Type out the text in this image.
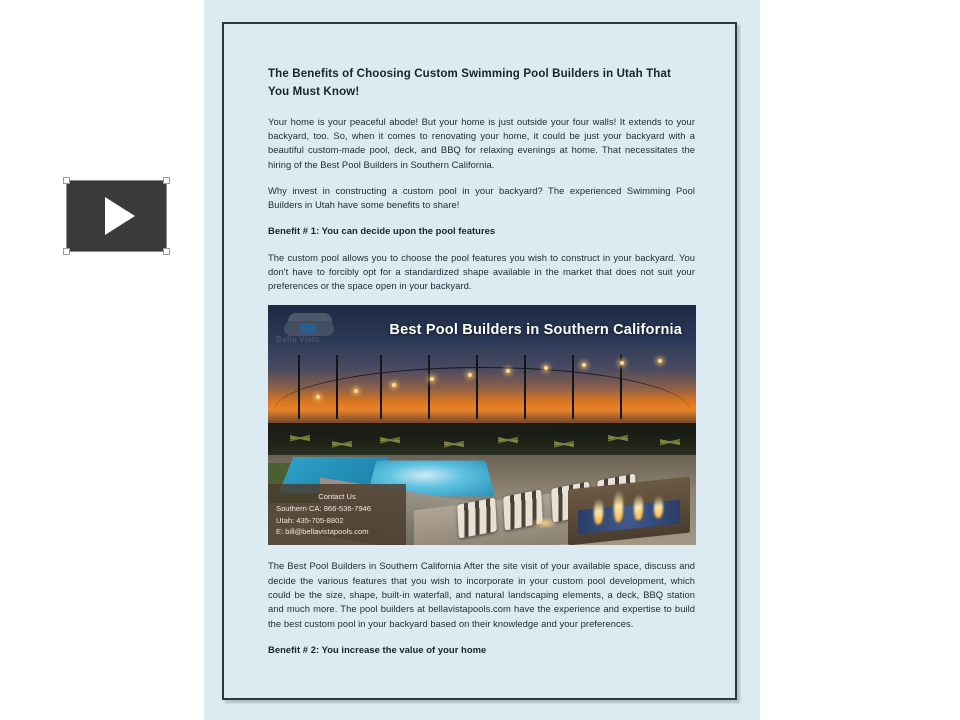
The Benefits of Choosing Custom Swimming Pool Builders in Utah That You Must Know!

Your home is your peaceful abode! But your home is just outside your four walls! It extends to your backyard, too. So, when it comes to renovating your home, it could be just your backyard with a beautiful custom-made pool, deck, and BBQ for relaxing evenings at home. That necessitates the hiring of the Best Pool Builders in Southern California.

Why invest in constructing a custom pool in your backyard? The experienced Swimming Pool Builders in Utah have some benefits to share!

Benefit # 1: You can decide upon the pool features

The custom pool allows you to choose the pool features you wish to construct in your backyard. You don't have to forcibly opt for a standardized shape available in the market that does not suit your preferences or the space open in your backyard.

Bella Vista
Best Pool Builders in Southern California
Contact Us
Southern CA: 866-536-7946
Utah: 435-705-8802
E: bill@bellavistapools.com

The Best Pool Builders in Southern California After the site visit of your available space, discuss and decide the various features that you wish to incorporate in your custom pool development, which could be the size, shape, built-in waterfall, and natural landscaping elements, a deck, BBQ station and much more. The pool builders at bellavistapools.com have the experience and expertise to build the best custom pool in your backyard based on their knowledge and your preferences.

Benefit # 2: You increase the value of your home
